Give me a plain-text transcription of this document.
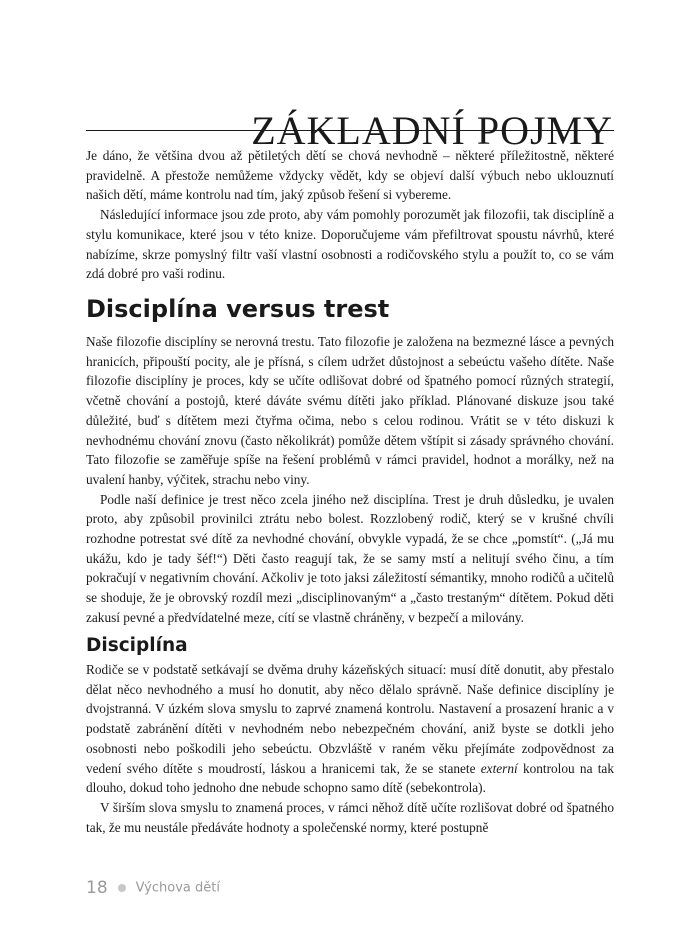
ZÁKLADNÍ POJMY

Je dáno, že většina dvou až pětiletých dětí se chová nevhodně – některé příležitostně, některé pravidelně. A přestože nemůžeme vždycky vědět, kdy se objeví další výbuch nebo uklouznutí našich dětí, máme kontrolu nad tím, jaký způsob řešení si vybereme.

Následující informace jsou zde proto, aby vám pomohly porozumět jak filozofii, tak disciplíně a stylu komunikace, které jsou v této knize. Doporučujeme vám přefiltrovat spoustu návrhů, které nabízíme, skrze pomyslný filtr vaší vlastní osobnosti a rodičovského stylu a použít to, co se vám zdá dobré pro vaši rodinu.

Disciplína versus trest

Naše filozofie disciplíny se nerovná trestu. Tato filozofie je založena na bezmezné lásce a pevných hranicích, připouští pocity, ale je přísná, s cílem udržet důstojnost a sebeúctu vašeho dítěte. Naše filozofie disciplíny je proces, kdy se učíte odlišovat dobré od špatného pomocí různých strategií, včetně chování a postojů, které dáváte svému dítěti jako příklad. Plánované diskuze jsou také důležité, buď s dítětem mezi čtyřma očima, nebo s celou rodinou. Vrátit se v této diskuzi k nevhodnému chování znovu (často několikrát) pomůže dětem vštípit si zásady správného chování. Tato filozofie se zaměřuje spíše na řešení problémů v rámci pravidel, hodnot a morálky, než na uvalení hanby, výčitek, strachu nebo viny.

Podle naší definice je trest něco zcela jiného než disciplína. Trest je druh důsledku, je uvalen proto, aby způsobil provinilci ztrátu nebo bolest. Rozzlobený rodič, který se v krušné chvíli rozhodne potrestat své dítě za nevhodné chování, obvykle vypadá, že se chce „pomstít“. („Já mu ukážu, kdo je tady šéf!“) Děti často reagují tak, že se samy mstí a nelitují svého činu, a tím pokračují v negativním chování. Ačkoliv je toto jaksi záležitostí sémantiky, mnoho rodičů a učitelů se shoduje, že je obrovský rozdíl mezi „disciplinovaným“ a „často trestaným“ dítětem. Pokud děti zakusí pevné a předvídatelné meze, cítí se vlastně chráněny, v bezpečí a milovány.

Disciplína

Rodiče se v podstatě setkávají se dvěma druhy kázeňských situací: musí dítě donutit, aby přestalo dělat něco nevhodného a musí ho donutit, aby něco dělalo správně. Naše definice disciplíny je dvojstranná. V úzkém slova smyslu to zaprvé znamená kontrolu. Nastavení a prosazení hranic a v podstatě zabránění dítěti v nevhodném nebo nebezpečném chování, aniž byste se dotkli jeho osobnosti nebo poškodili jeho sebeúctu. Obzvláště v raném věku přejímáte zodpovědnost za vedení svého dítěte s moudrostí, láskou a hranicemi tak, že se stanete externí kontrolou na tak dlouho, dokud toho jednoho dne nebude schopno samo dítě (sebekontrola).

V širším slova smyslu to znamená proces, v rámci něhož dítě učíte rozlišovat dobré od špatného tak, že mu neustále předáváte hodnoty a společenské normy, které postupně

18 Výchova dětí
